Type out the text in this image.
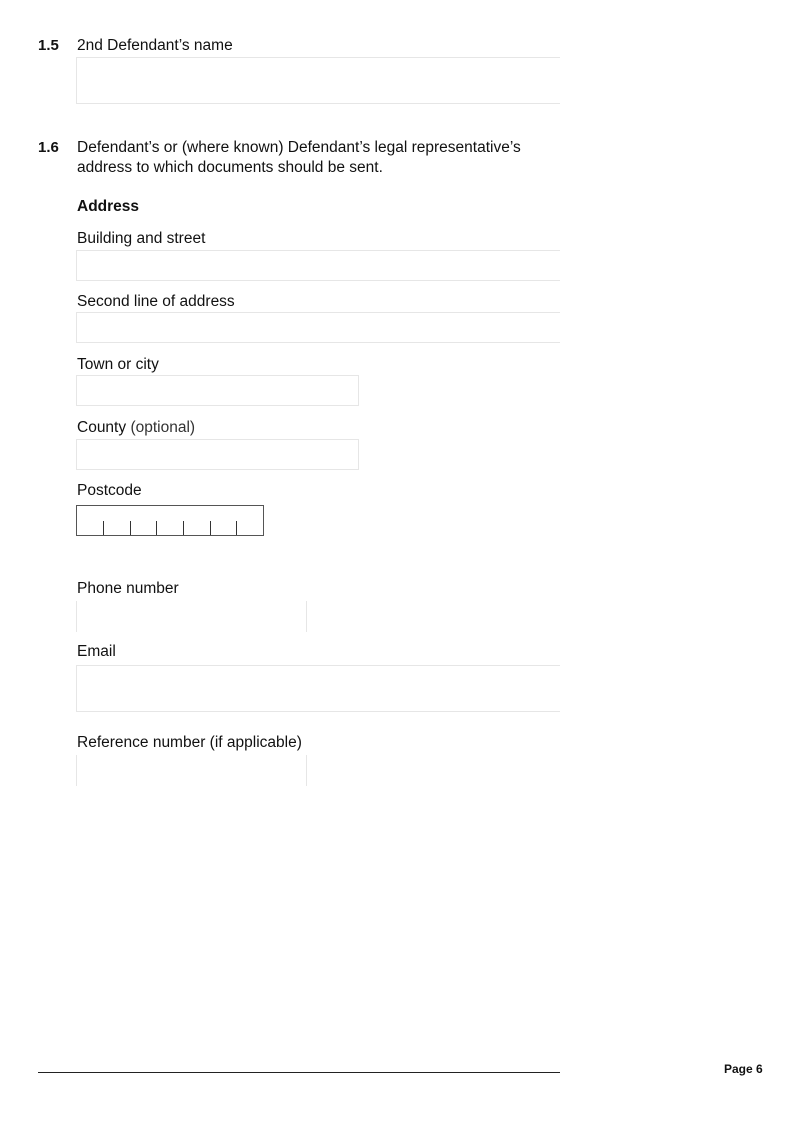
1.5 2nd Defendant’s name
1.6 Defendant’s or (where known) Defendant’s legal representative’s
address to which documents should be sent.
Address
Building and street
Second line of address
Town or city
County (optional)
Postcode
Phone number
Email
Reference number (if applicable)
Page 6
